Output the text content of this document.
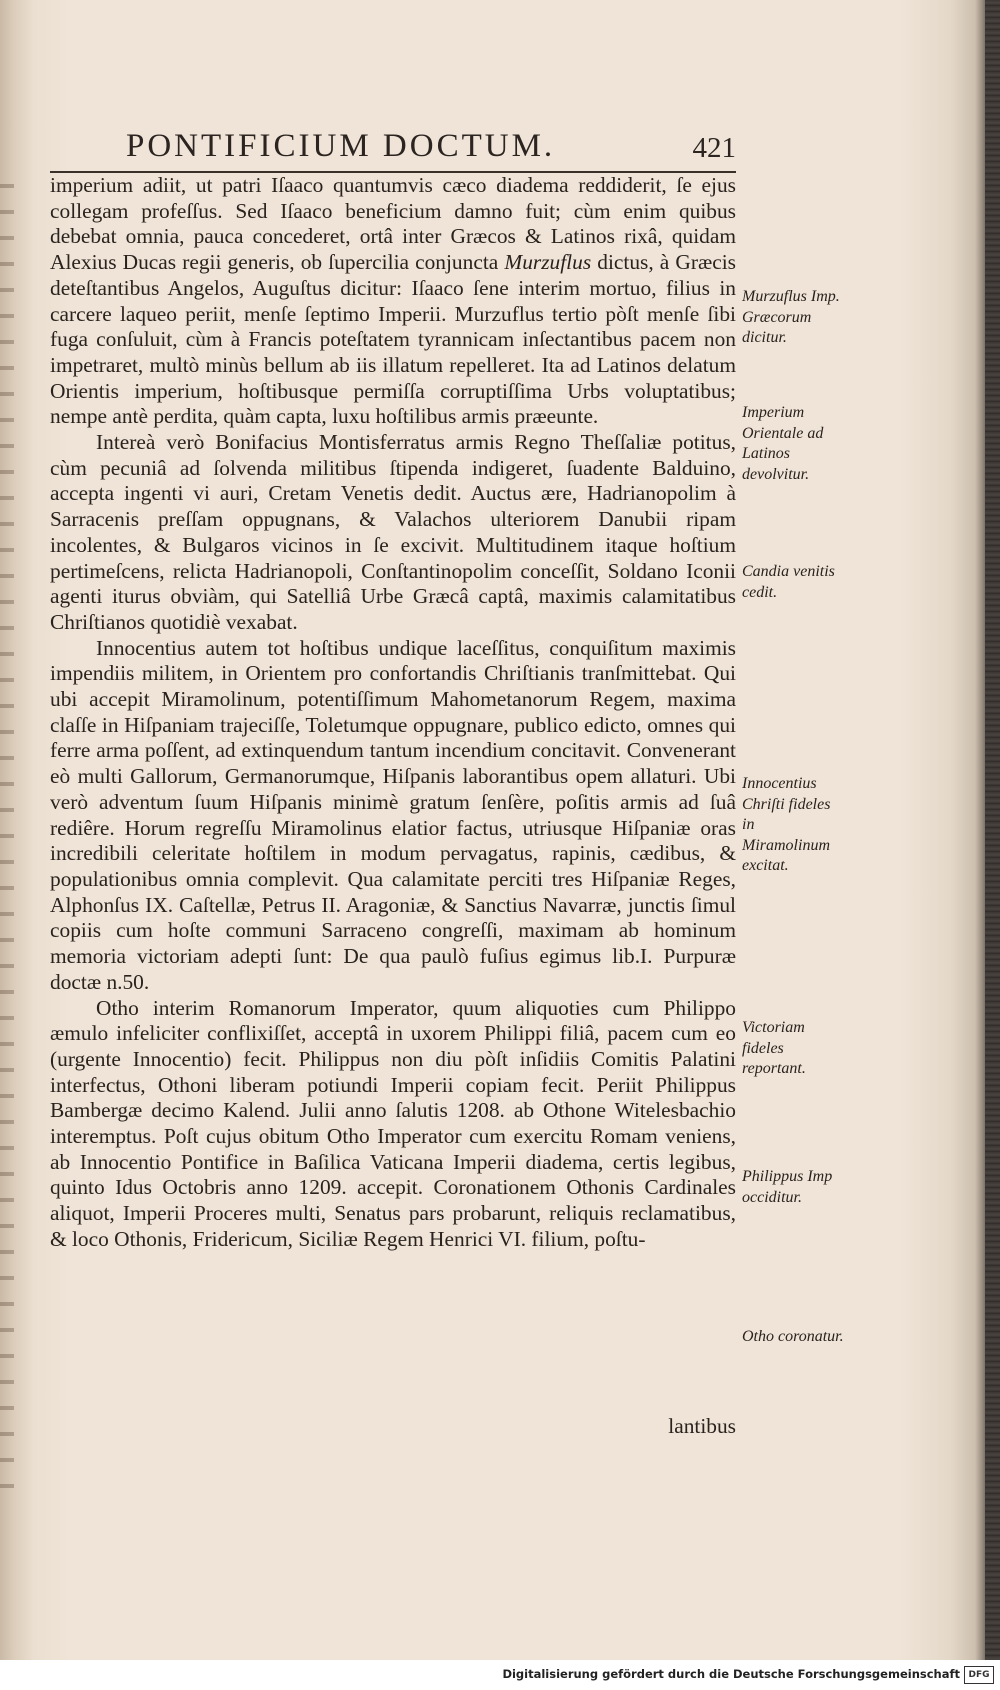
PONTIFICIUM DOCTUM.	421

imperium adiit, ut patri Iſaaco quantumvis cæco diadema reddiderit, ſe ejus collegam profeſſus. Sed Iſaaco beneficium damno fuit; cùm enim quibus debebat omnia, pauca concederet, ortâ inter Græcos & Latinos rixâ, quidam Alexius Ducas regii generis, ob ſupercilia conjuncta Murzuflus dictus, à Græcis deteſtantibus Angelos, Auguſtus dicitur: Iſaaco ſene interim mortuo, filius in carcere laqueo periit, menſe ſeptimo Imperii. Murzuflus tertio pòſt menſe ſibi fuga conſuluit, cùm à Francis poteſtatem tyrannicam inſectantibus pacem non impetraret, multò minùs bellum ab iis illatum repelleret. Ita ad Latinos delatum Orientis imperium, hoſtibusque permiſſa corruptiſſima Urbs voluptatibus; nempe antè perdita, quàm capta, luxu hoſtilibus armis præeunte.

Intereà verò Bonifacius Montisferratus armis Regno Theſſaliæ potitus, cùm pecuniâ ad ſolvenda militibus ſtipenda indigeret, ſuadente Balduino, accepta ingenti vi auri, Cretam Venetis dedit. Auctus ære, Hadrianopolim à Sarracenis preſſam oppugnans, & Valachos ulteriorem Danubii ripam incolentes, & Bulgaros vicinos in ſe excivit. Multitudinem itaque hoſtium pertimeſcens, relicta Hadrianopoli, Conſtantinopolim conceſſit, Soldano Iconii agenti iturus obviàm, qui Satelliâ Urbe Græcâ captâ, maximis calamitatibus Chriſtianos quotidiè vexabat.

Innocentius autem tot hoſtibus undique laceſſitus, conquiſitum maximis impendiis militem, in Orientem pro confortandis Chriſtianis tranſmittebat. Qui ubi accepit Miramolinum, potentiſſimum Mahometanorum Regem, maxima claſſe in Hiſpaniam trajeciſſe, Toletumque oppugnare, publico edicto, omnes qui ferre arma poſſent, ad extinquendum tantum incendium concitavit. Convenerant eò multi Gallorum, Germanorumque, Hiſpanis laborantibus opem allaturi. Ubi verò adventum ſuum Hiſpanis minimè gratum ſenſère, poſitis armis ad ſuâ rediêre. Horum regreſſu Miramolinus elatior factus, utriusque Hiſpaniæ oras incredibili celeritate hoſtilem in modum pervagatus, rapinis, cædibus, & populationibus omnia complevit. Qua calamitate perciti tres Hiſpaniæ Reges, Alphonſus IX. Caſtellæ, Petrus II. Aragoniæ, & Sanctius Navarræ, junctis ſimul copiis cum hoſte communi Sarraceno congreſſi, maximam ab hominum memoria victoriam adepti ſunt: De qua paulò fuſius egimus lib.I. Purpuræ doctæ n.50.

Otho interim Romanorum Imperator, quum aliquoties cum Philippo æmulo infeliciter conflixiſſet, acceptâ in uxorem Philippi filiâ, pacem cum eo (urgente Innocentio) fecit. Philippus non diu pòſt inſidiis Comitis Palatini interfectus, Othoni liberam potiundi Imperii copiam fecit. Periit Philippus Bambergæ decimo Kalend. Julii anno ſalutis 1208. ab Othone Witelesbachio interemptus. Poſt cujus obitum Otho Imperator cum exercitu Romam veniens, ab Innocentio Pontifice in Baſilica Vaticana Imperii diadema, certis legibus, quinto Idus Octobris anno 1209. accepit. Coronationem Othonis Cardinales aliquot, Imperii Proceres multi, Senatus pars probarunt, reliquis reclamatibus, & loco Othonis, Fridericum, Siciliæ Regem Henrici VI. filium, poſtu-

lantibus
Murzuflus Imp. Græcorum dicitur.
Imperium Orientale ad Latinos devolvitur.
Candia venitis cedit.
Innocentius Chriſti fideles in Miramolinum excitat.
Victoriam fideles reportant.
Philippus Imp occiditur.
Otho coronatur.
Digitalisierung gefördert durch die Deutsche Forschungsgemeinschaft DFG
